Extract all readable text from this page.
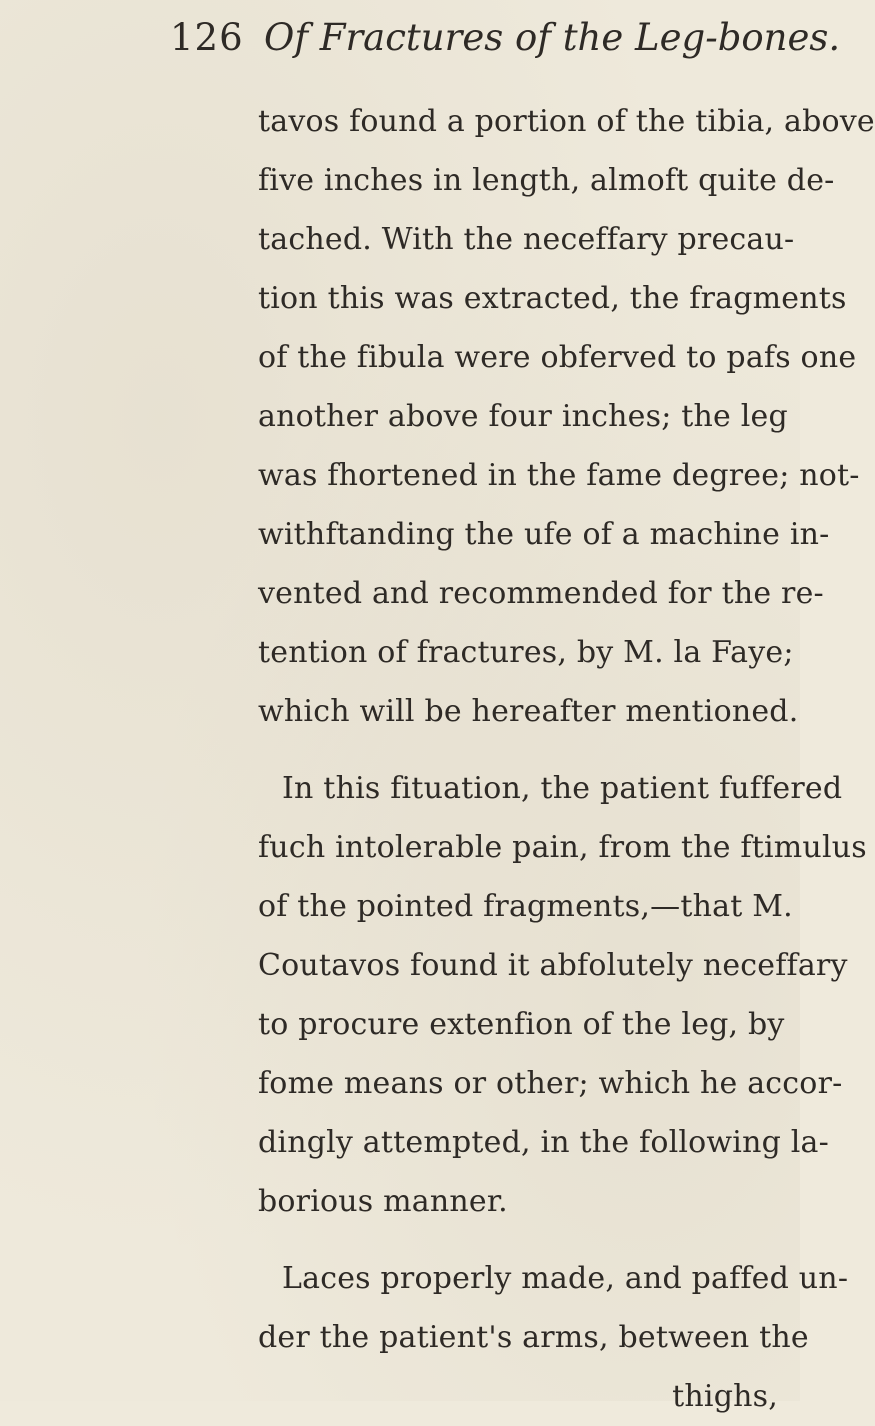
126 Of Fractures of the Leg-bones.
tavos found a portion of the tibia, above
five inches in length, almoft quite de-
tached. With the neceffary precau-
tion this was extracted, the fragments
of the fibula were obferved to pafs one
another above four inches; the leg
was fhortened in the fame degree; not-
withftanding the ufe of a machine in-
vented and recommended for the re-
tention of fractures, by M. la Faye;
which will be hereafter mentioned.
In this fituation, the patient fuffered
fuch intolerable pain, from the ftimulus
of the pointed fragments,—that M.
Coutavos found it abfolutely neceffary
to procure extenfion of the leg, by
fome means or other; which he accor-
dingly attempted, in the following la-
borious manner.
Laces properly made, and paffed un-
der the patient's arms, between the
thighs,
